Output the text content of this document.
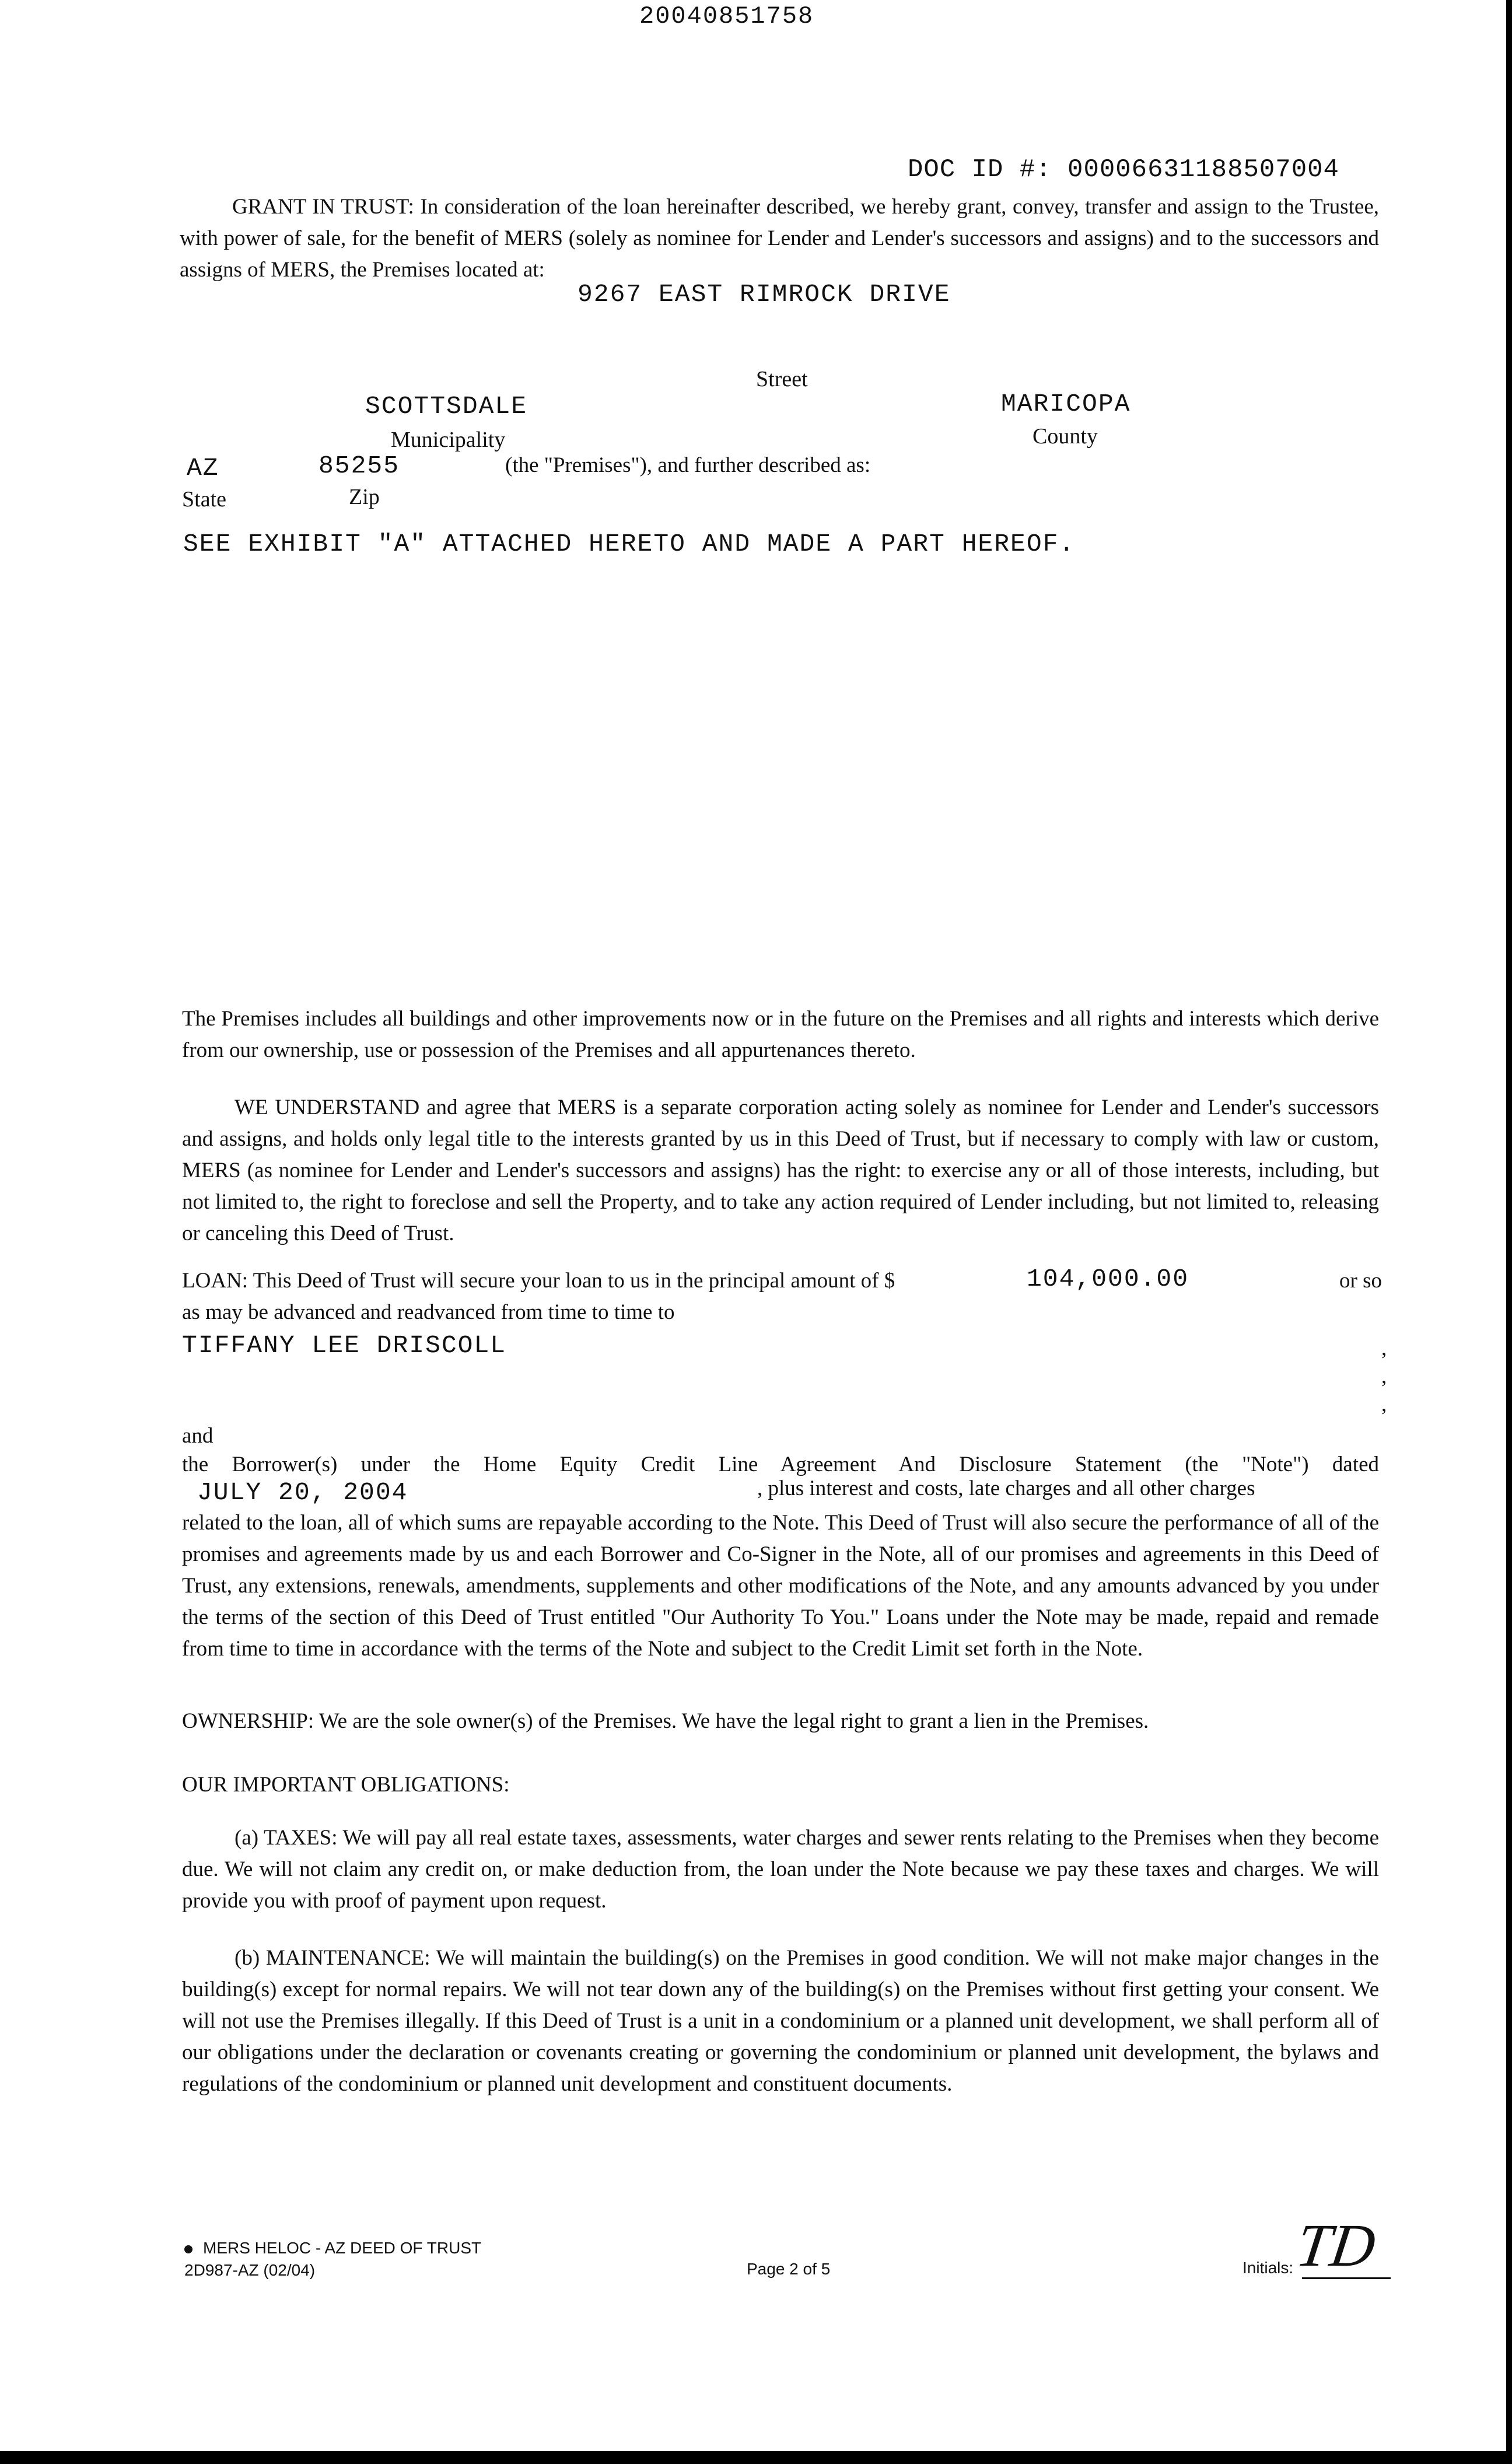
20040851758
DOC ID #: 00006631188507004
GRANT IN TRUST: In consideration of the loan hereinafter described, we hereby grant, convey, transfer and assign to the Trustee, with power of sale, for the benefit of MERS (solely as nominee for Lender and Lender's successors and assigns) and to the successors and assigns of MERS, the Premises located at:
9267 EAST RIMROCK DRIVE
Street
SCOTTSDALE
Municipality
MARICOPA
County
AZ	85255	(the "Premises"), and further described as:
State	Zip
SEE EXHIBIT "A" ATTACHED HERETO AND MADE A PART HEREOF.
The Premises includes all buildings and other improvements now or in the future on the Premises and all rights and interests which derive from our ownership, use or possession of the Premises and all appurtenances thereto.
WE UNDERSTAND and agree that MERS is a separate corporation acting solely as nominee for Lender and Lender's successors and assigns, and holds only legal title to the interests granted by us in this Deed of Trust, but if necessary to comply with law or custom, MERS (as nominee for Lender and Lender's successors and assigns) has the right: to exercise any or all of those interests, including, but not limited to, the right to foreclose and sell the Property, and to take any action required of Lender including, but not limited to, releasing or canceling this Deed of Trust.
LOAN: This Deed of Trust will secure your loan to us in the principal amount of $	104,000.00	or so
as may be advanced and readvanced from time to time to
TIFFANY LEE DRISCOLL	,
,
,
and
the Borrower(s) under the Home Equity Credit Line Agreement And Disclosure Statement (the "Note") dated
JULY 20, 2004	, plus interest and costs, late charges and all other charges
related to the loan, all of which sums are repayable according to the Note. This Deed of Trust will also secure the performance of all of the promises and agreements made by us and each Borrower and Co-Signer in the Note, all of our promises and agreements in this Deed of Trust, any extensions, renewals, amendments, supplements and other modifications of the Note, and any amounts advanced by you under the terms of the section of this Deed of Trust entitled "Our Authority To You." Loans under the Note may be made, repaid and remade from time to time in accordance with the terms of the Note and subject to the Credit Limit set forth in the Note.
OWNERSHIP: We are the sole owner(s) of the Premises. We have the legal right to grant a lien in the Premises.
OUR IMPORTANT OBLIGATIONS:
(a) TAXES: We will pay all real estate taxes, assessments, water charges and sewer rents relating to the Premises when they become due. We will not claim any credit on, or make deduction from, the loan under the Note because we pay these taxes and charges. We will provide you with proof of payment upon request.
(b) MAINTENANCE: We will maintain the building(s) on the Premises in good condition. We will not make major changes in the building(s) except for normal repairs. We will not tear down any of the building(s) on the Premises without first getting your consent. We will not use the Premises illegally. If this Deed of Trust is a unit in a condominium or a planned unit development, we shall perform all of our obligations under the declaration or covenants creating or governing the condominium or planned unit development, the bylaws and regulations of the condominium or planned unit development and constituent documents.
MERS HELOC - AZ DEED OF TRUST
2D987-AZ (02/04)	Page 2 of 5	Initials:
TD
